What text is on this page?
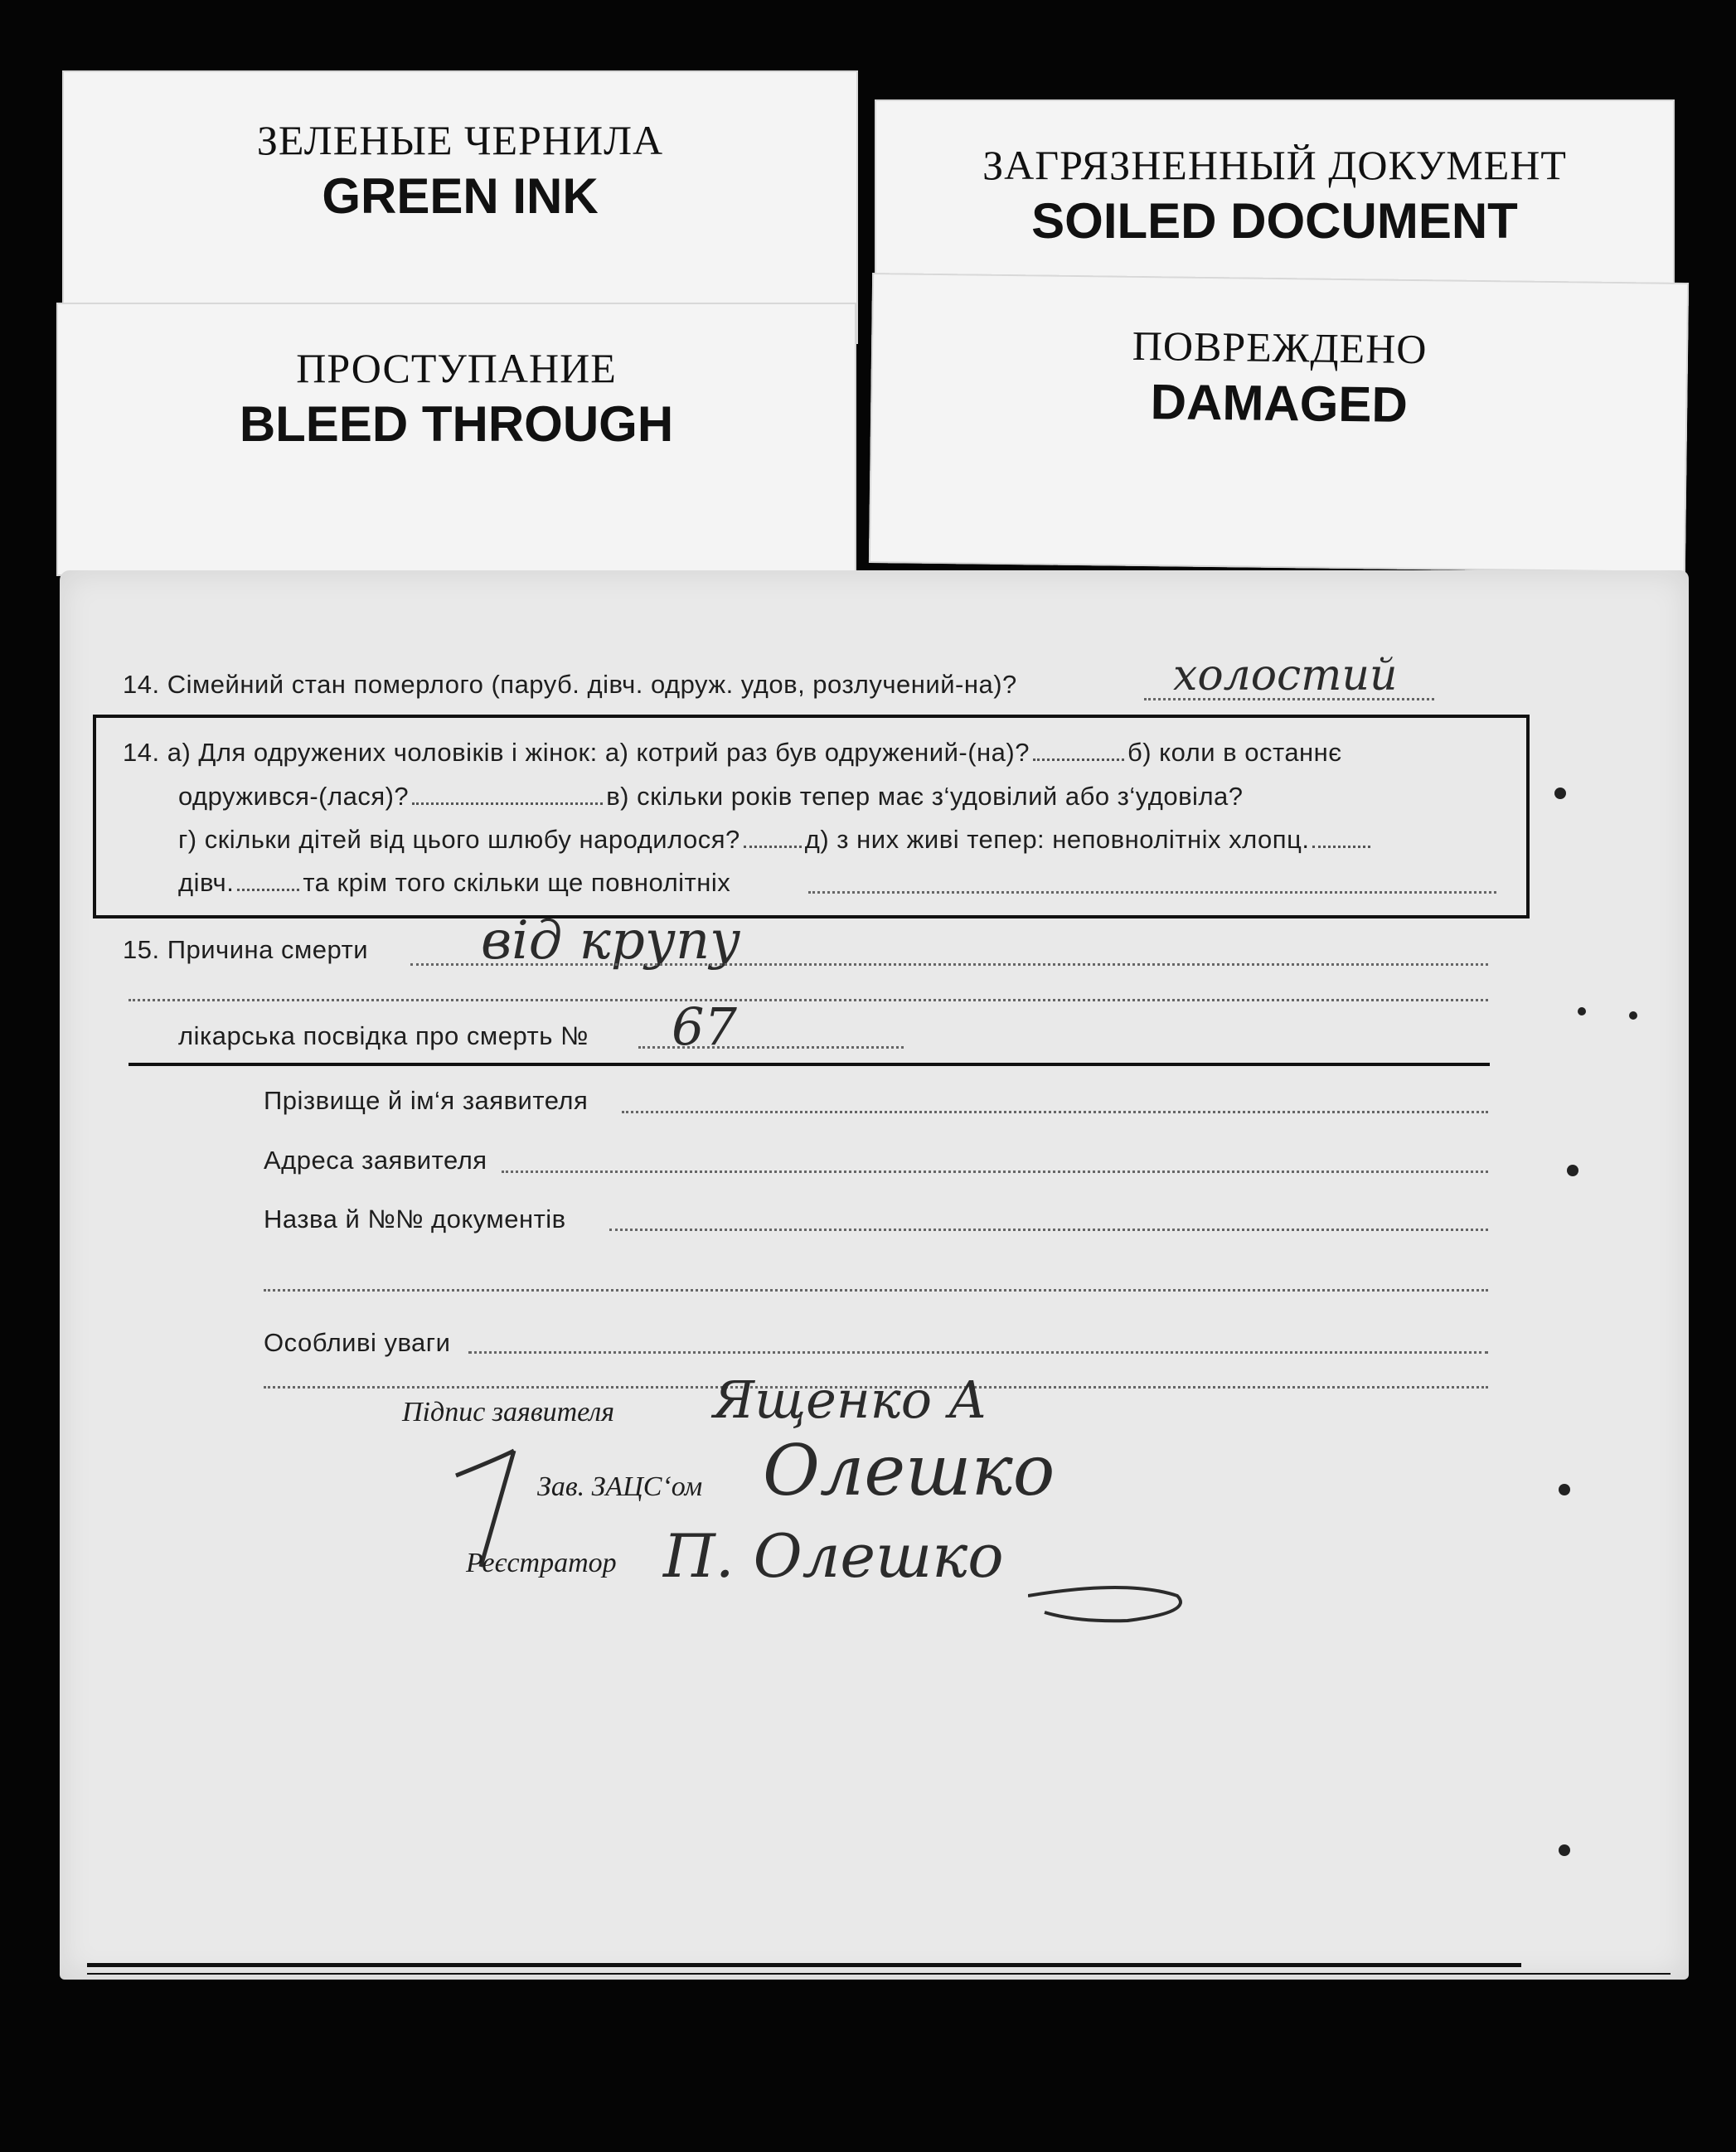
ЗЕЛЕНЫЕ ЧЕРНИЛА
GREEN INK
ЗАГРЯЗНЕННЫЙ ДОКУМЕНТ
SOILED DOCUMENT
ПРОСТУПАНИЕ
BLEED THROUGH
ПОВРЕЖДЕНО
DAMAGED
14. Сімейний стан померлого (паруб. дівч. одруж. удов, розлучений-на)?	холостий
14. а) Для одружених чоловіків і жінок: а) котрий раз був одружений-(на)?	б) коли в останнє
одружився-(лася)?	в) скільки років тепер має з‘удовілий або з‘удовіла?
г) скільки дітей від цього шлюбу народилося?	д) з них живі тепер: неповнолітніх хлопц.
дівч.	та крім того скільки ще повнолітніх
15. Причина смерти від крупу
лікарська посвідка про смерть № 67
Прізвище й ім‘я заявителя
Адреса заявителя
Назва й №№ документів
Особливі уваги
Підпис заявителя Ященко А
Зав. ЗАЦС‘ом Олешко
Реєстратор П. Олешко
